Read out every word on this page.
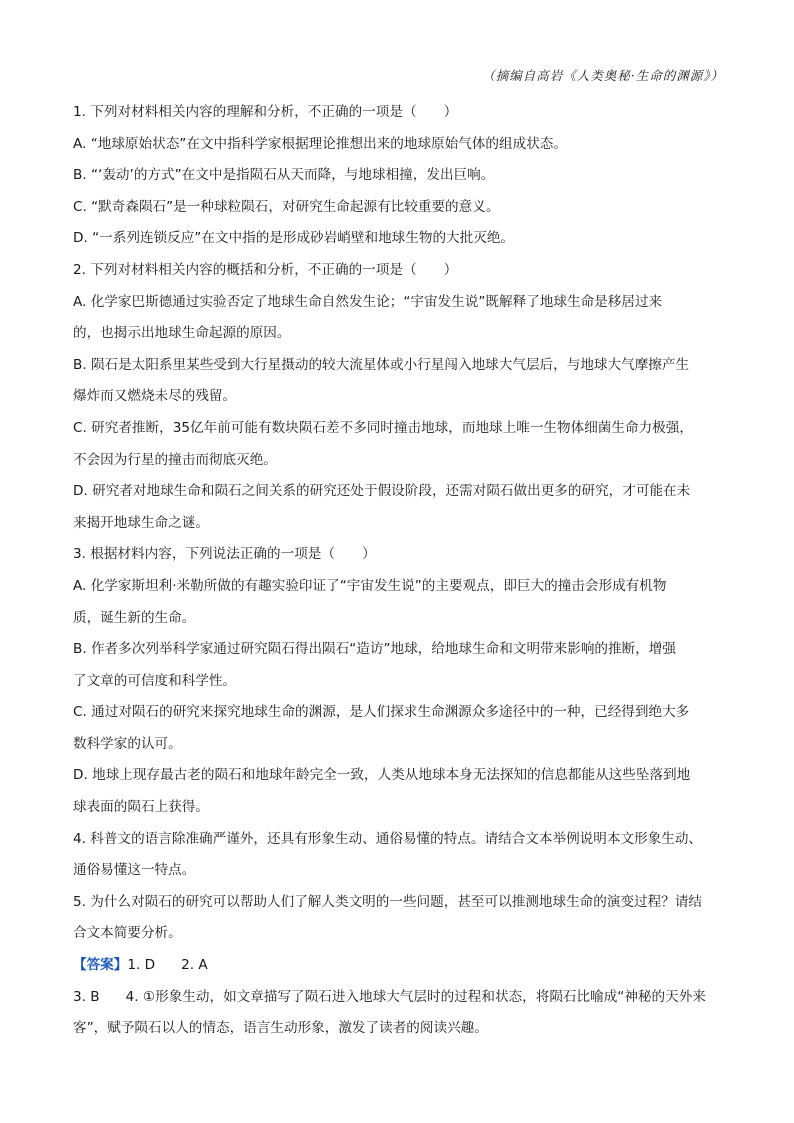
（摘编自高岩《人类奥秘·生命的渊源》）
1. 下列对材料相关内容的理解和分析，不正确的一项是（　　）
A. “地球原始状态”在文中指科学家根据理论推想出来的地球原始气体的组成状态。
B. “‘轰动’的方式”在文中是指陨石从天而降，与地球相撞，发出巨响。
C. “默奇森陨石”是一种球粒陨石，对研究生命起源有比较重要的意义。
D. “一系列连锁反应”在文中指的是形成砂岩峭壁和地球生物的大批灭绝。
2. 下列对材料相关内容的概括和分析，不正确的一项是（　　）
A. 化学家巴斯德通过实验否定了地球生命自然发生论；“宇宙发生说”既解释了地球生命是移居过来
的，也揭示出地球生命起源的原因。
B. 陨石是太阳系里某些受到大行星摄动的较大流星体或小行星闯入地球大气层后，与地球大气摩擦产生
爆炸而又燃烧未尽的残留。
C. 研究者推断，35亿年前可能有数块陨石差不多同时撞击地球，而地球上唯一生物体细菌生命力极强，
不会因为行星的撞击而彻底灭绝。
D. 研究者对地球生命和陨石之间关系的研究还处于假设阶段，还需对陨石做出更多的研究，才可能在未
来揭开地球生命之谜。
3. 根据材料内容，下列说法正确的一项是（　　）
A. 化学家斯坦利·米勒所做的有趣实验印证了“宇宙发生说”的主要观点，即巨大的撞击会形成有机物
质，诞生新的生命。
B. 作者多次列举科学家通过研究陨石得出陨石“造访”地球，给地球生命和文明带来影响的推断，增强
了文章的可信度和科学性。
C. 通过对陨石的研究来探究地球生命的渊源，是人们探求生命渊源众多途径中的一种，已经得到绝大多
数科学家的认可。
D. 地球上现存最古老的陨石和地球年龄完全一致，人类从地球本身无法探知的信息都能从这些坠落到地
球表面的陨石上获得。
4. 科普文的语言除准确严谨外，还具有形象生动、通俗易懂的特点。请结合文本举例说明本文形象生动、
通俗易懂这一特点。
5. 为什么对陨石的研究可以帮助人们了解人类文明的一些问题，甚至可以推测地球生命的演变过程？请结
合文本简要分析。
【答案】1. D 2. A
3. B 4. ①形象生动，如文章描写了陨石进入地球大气层时的过程和状态，将陨石比喻成“神秘的天外来
客”，赋予陨石以人的情态，语言生动形象，激发了读者的阅读兴趣。
